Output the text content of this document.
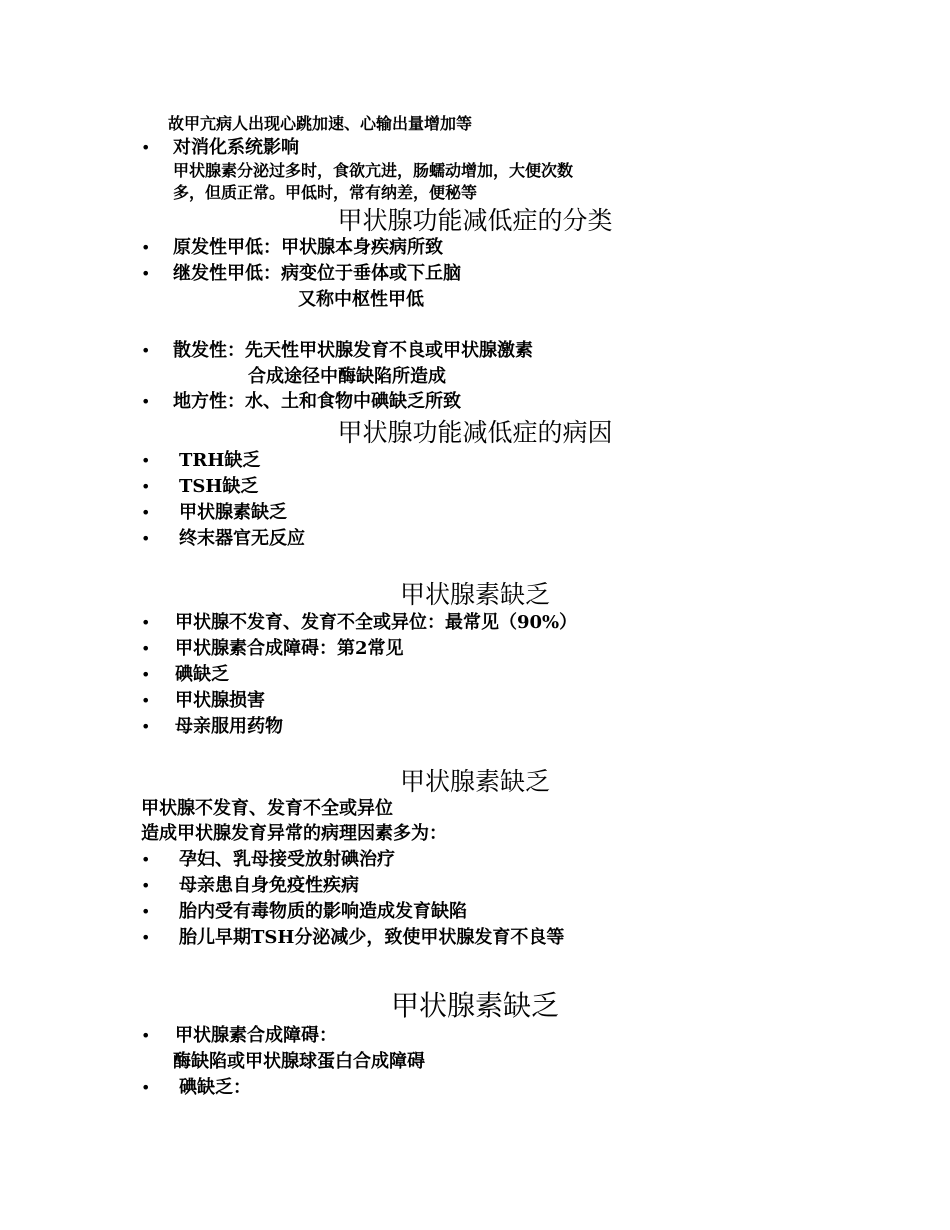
故甲亢病人出现心跳加速、心输出量增加等
• 对消化系统影响
甲状腺素分泌过多时，食欲亢进，肠蠕动增加，大便次数
多，但质正常。甲低时，常有纳差，便秘等
甲状腺功能减低症的分类
• 原发性甲低：甲状腺本身疾病所致
• 继发性甲低：病变位于垂体或下丘脑
又称中枢性甲低
• 散发性：先天性甲状腺发育不良或甲状腺激素
合成途径中酶缺陷所造成
• 地方性：水、土和食物中碘缺乏所致
甲状腺功能减低症的病因
• TRH缺乏
• TSH缺乏
• 甲状腺素缺乏
• 终末器官无反应
甲状腺素缺乏
• 甲状腺不发育、发育不全或异位：最常见（90%）
• 甲状腺素合成障碍：第2常见
• 碘缺乏
• 甲状腺损害
• 母亲服用药物
甲状腺素缺乏
甲状腺不发育、发育不全或异位
造成甲状腺发育异常的病理因素多为：
• 孕妇、乳母接受放射碘治疗
• 母亲患自身免疫性疾病
• 胎内受有毒物质的影响造成发育缺陷
• 胎儿早期TSH分泌减少，致使甲状腺发育不良等
甲状腺素缺乏
• 甲状腺素合成障碍：
酶缺陷或甲状腺球蛋白合成障碍
• 碘缺乏：
